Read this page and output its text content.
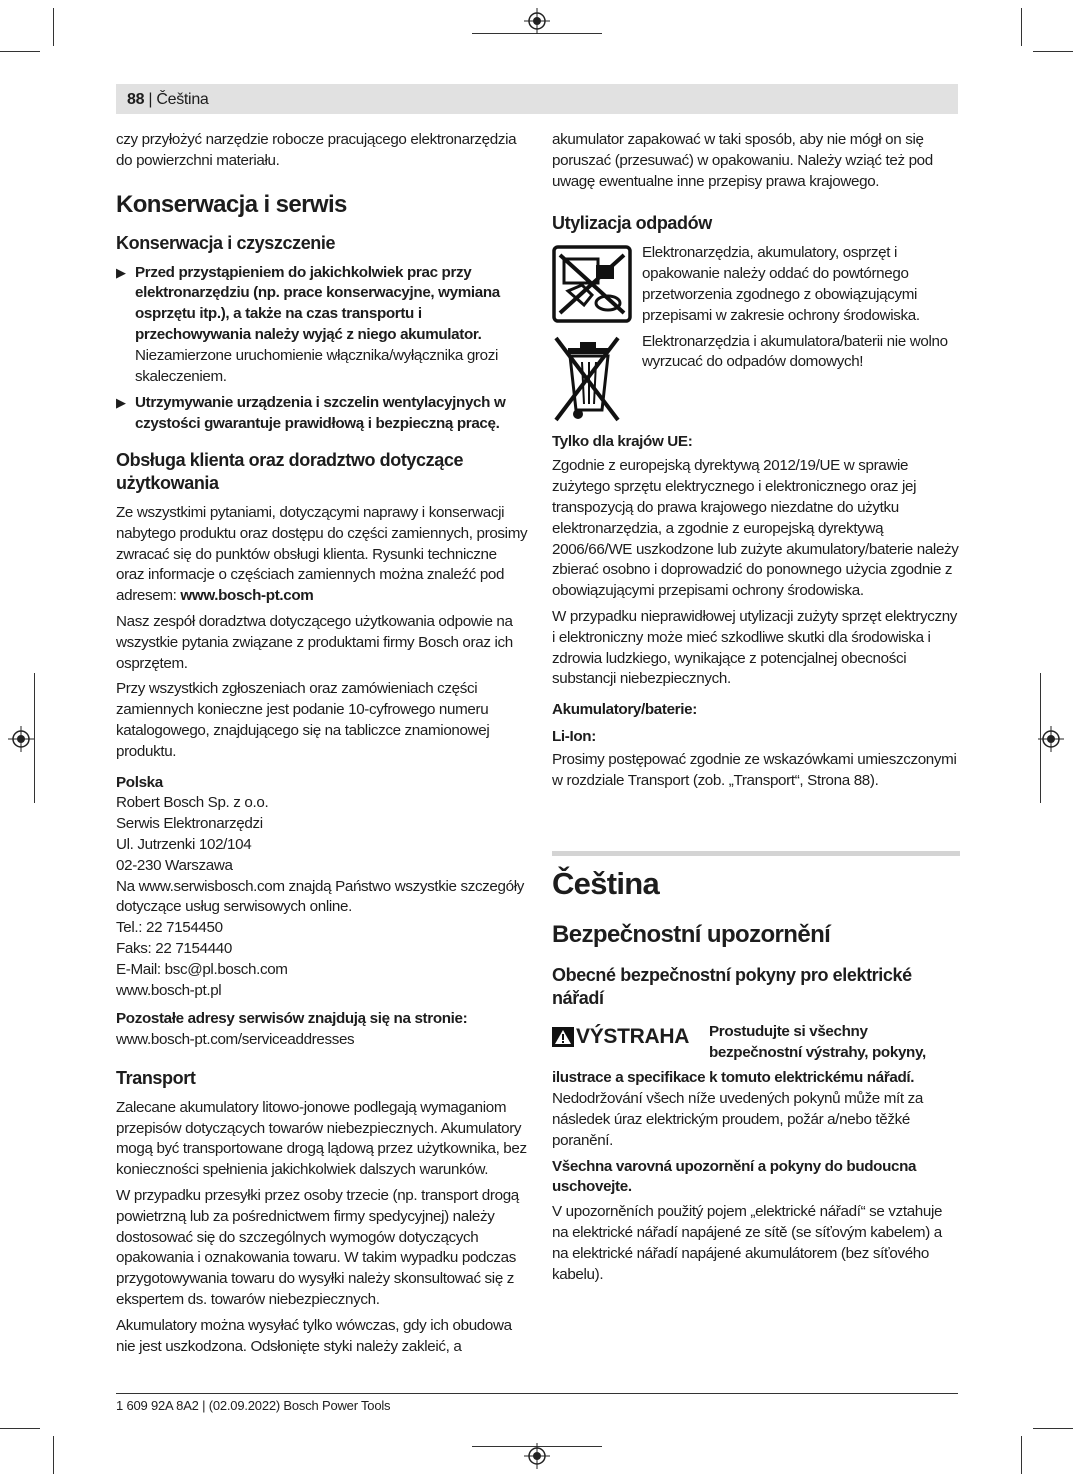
88 | Čeština

czy przyłożyć narzędzie robocze pracującego elektronarzędzia do powierzchni materiału.

Konserwacja i serwis
Konserwacja i czyszczenie
▶ Przed przystąpieniem do jakichkolwiek prac przy elektronarzędziu (np. prace konserwacyjne, wymiana osprzętu itp.), a także na czas transportu i przechowywania należy wyjąć z niego akumulator. Niezamierzone uruchomienie włącznika/wyłącznika grozi skaleczeniem.
▶ Utrzymywanie urządzenia i szczelin wentylacyjnych w czystości gwarantuje prawidłową i bezpieczną pracę.
Obsługa klienta oraz doradztwo dotyczące użytkowania

Ze wszystkimi pytaniami, dotyczącymi naprawy i konserwacji nabytego produktu oraz dostępu do części zamiennych, prosimy zwracać się do punktów obsługi klienta. Rysunki techniczne oraz informacje o częściach zamiennych można znaleźć pod adresem: www.bosch-pt.com

Nasz zespół doradztwa dotyczącego użytkowania odpowie na wszystkie pytania związane z produktami firmy Bosch oraz ich osprzętem.

Przy wszystkich zgłoszeniach oraz zamówieniach części zamiennych konieczne jest podanie 10-cyfrowego numeru katalogowego, znajdującego się na tabliczce znamionowej produktu.

Polska
Robert Bosch Sp. z o.o.
Serwis Elektronarzędzi
Ul. Jutrzenki 102/104
02-230 Warszawa
Na www.serwisbosch.com znajdą Państwo wszystkie szczegóły dotyczące usług serwisowych online.
Tel.: 22 7154450
Faks: 22 7154440
E-Mail: bsc@pl.bosch.com
www.bosch-pt.pl
Pozostałe adresy serwisów znajdują się na stronie:

www.bosch-pt.com/serviceaddresses

Transport

Zalecane akumulatory litowo-jonowe podlegają wymaganiom przepisów dotyczących towarów niebezpiecznych. Akumulatory mogą być transportowane drogą lądową przez użytkownika, bez konieczności spełnienia jakichkolwiek dalszych warunków.

W przypadku przesyłki przez osoby trzecie (np. transport drogą powietrzną lub za pośrednictwem firmy spedycyjnej) należy dostosować się do szczególnych wymogów dotyczących opakowania i oznakowania towaru. W takim wypadku podczas przygotowywania towaru do wysyłki należy skonsultować się z ekspertem ds. towarów niebezpiecznych.

Akumulatory można wysyłać tylko wówczas, gdy ich obudowa nie jest uszkodzona. Odsłonięte styki należy zakleić, a

akumulator zapakować w taki sposób, aby nie mógł on się poruszać (przesuwać) w opakowaniu. Należy wziąć też pod uwagę ewentualne inne przepisy prawa krajowego.

Utylizacja odpadów

Elektronarzędzia, akumulatory, osprzęt i opakowanie należy oddać do powtórnego przetworzenia zgodnego z obowiązującymi przepisami w zakresie ochrony środowiska.

Elektronarzędzia i akumulatora/baterii nie wolno wyrzucać do odpadów domowych!

Tylko dla krajów UE:

Zgodnie z europejską dyrektywą 2012/19/UE w sprawie zużytego sprzętu elektrycznego i elektronicznego oraz jej transpozycją do prawa krajowego niezdatne do użytku elektronarzędzia, a zgodnie z europejską dyrektywą 2006/66/WE uszkodzone lub zużyte akumulatory/baterie należy zbierać osobno i doprowadzić do ponownego użycia zgodnie z obowiązującymi przepisami ochrony środowiska.

W przypadku nieprawidłowej utylizacji zużyty sprzęt elektryczny i elektroniczny może mieć szkodliwe skutki dla środowiska i zdrowia ludzkiego, wynikające z potencjalnej obecności substancji niebezpiecznych.

Akumulatory/baterie:
Li-Ion:

Prosimy postępować zgodnie ze wskazówkami umieszczonymi w rozdziale Transport (zob. „Transport“, Strona 88).

Čeština
Bezpečnostní upozornění
Obecné bezpečnostní pokyny pro elektrické nářadí
VÝSTRAHA Prostudujte si všechny bezpečnostní výstrahy, pokyny,

ilustrace a specifikace k tomuto elektrickému nářadí. Nedodržování všech níže uvedených pokynů může mít za následek úraz elektrickým proudem, požár a/nebo těžké poranění.

Všechna varovná upozornění a pokyny do budoucna uschovejte.

V upozorněních použitý pojem „elektrické nářadí“ se vztahuje na elektrické nářadí napájené ze sítě (se síťovým kabelem) a na elektrické nářadí napájené akumulátorem (bez síťového kabelu).

1 609 92A 8A2 | (02.09.2022) Bosch Power Tools
